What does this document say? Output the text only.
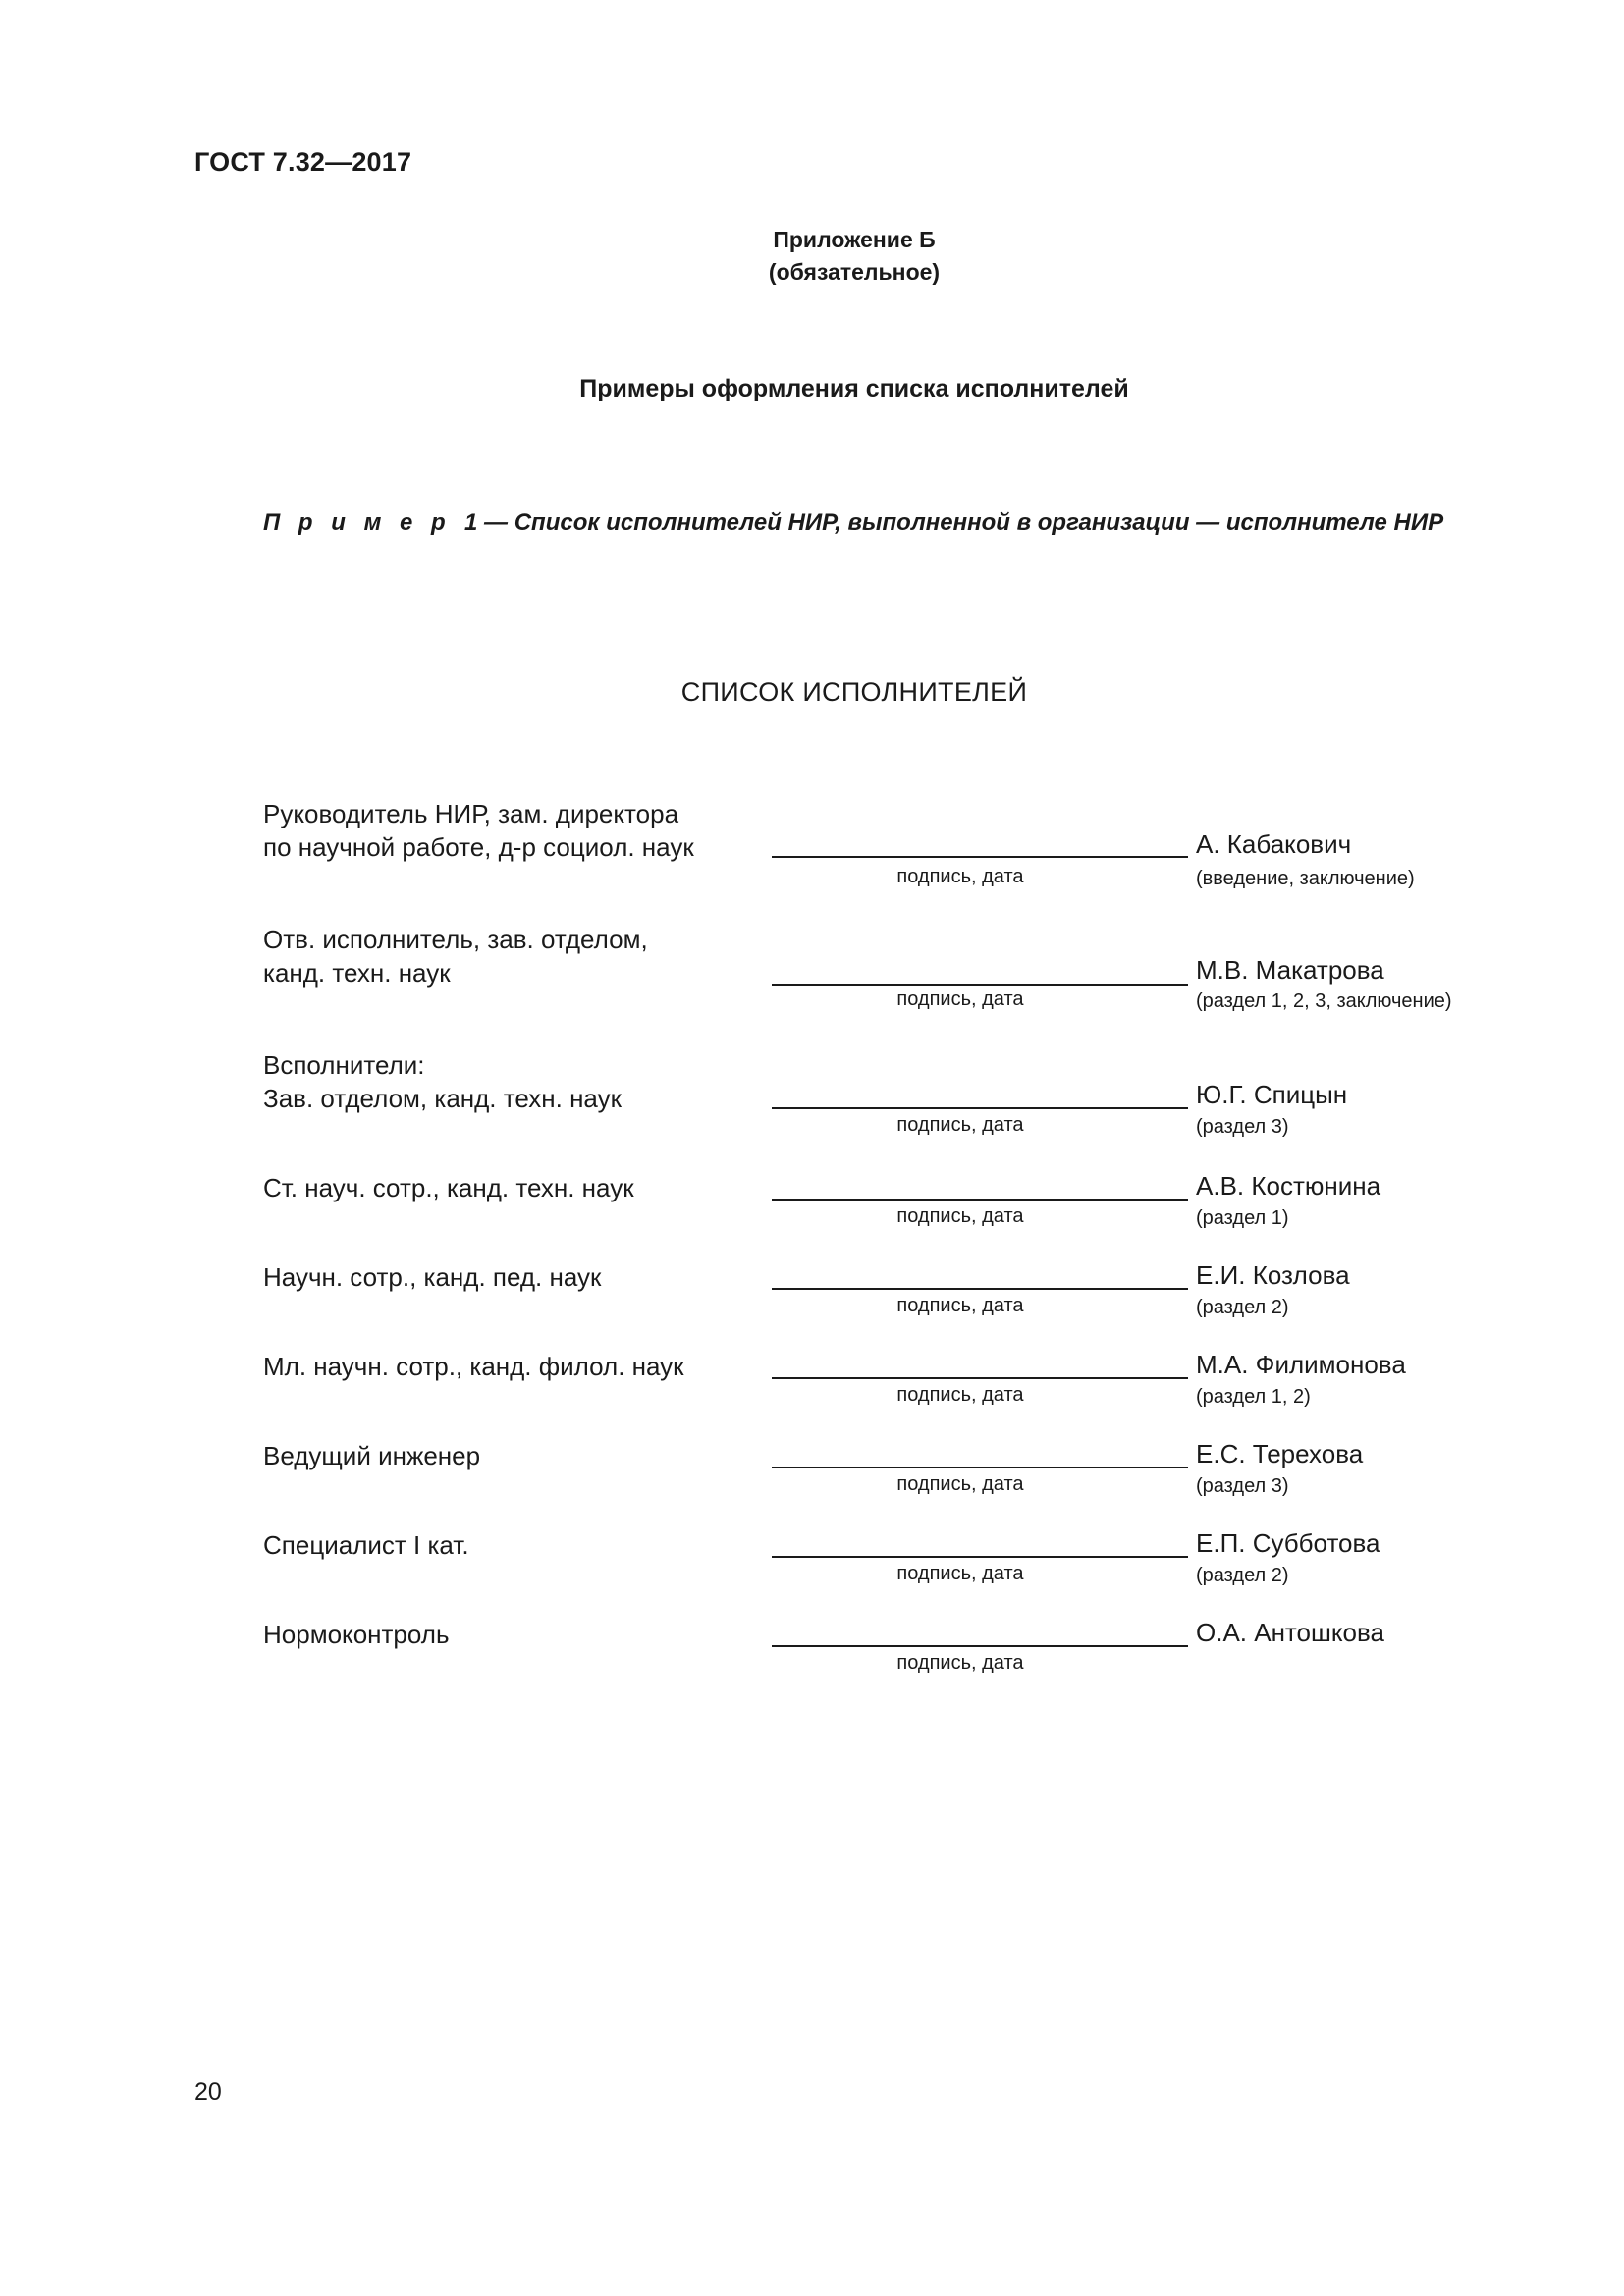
ГОСТ 7.32—2017
Приложение Б
(обязательное)
Примеры оформления списка исполнителей
П р и м е р 1 — Список исполнителей НИР, выполненной в организации — исполнителе НИР
СПИСОК ИСПОЛНИТЕЛЕЙ
Руководитель НИР, зам. директора
по научной работе, д-р социол. наук
подпись, дата
А. Кабакович
(введение, заключение)
Отв. исполнитель, зав. отделом,
канд. техн. наук
подпись, дата
М.В. Макатрова
(раздел 1, 2, 3, заключение)
Всполнители:
Зав. отделом, канд. техн. наук
подпись, дата
Ю.Г. Спицын
(раздел 3)
Ст. науч. сотр., канд. техн. наук
подпись, дата
А.В. Костюнина
(раздел 1)
Научн. сотр., канд. пед. наук
подпись, дата
Е.И. Козлова
(раздел 2)
Мл. научн. сотр., канд. филол. наук
подпись, дата
М.А. Филимонова
(раздел 1, 2)
Ведущий инженер
подпись, дата
Е.С. Терехова
(раздел 3)
Специалист I кат.
подпись, дата
Е.П. Субботова
(раздел 2)
Нормоконтроль
подпись, дата
О.А. Антошкова
20
